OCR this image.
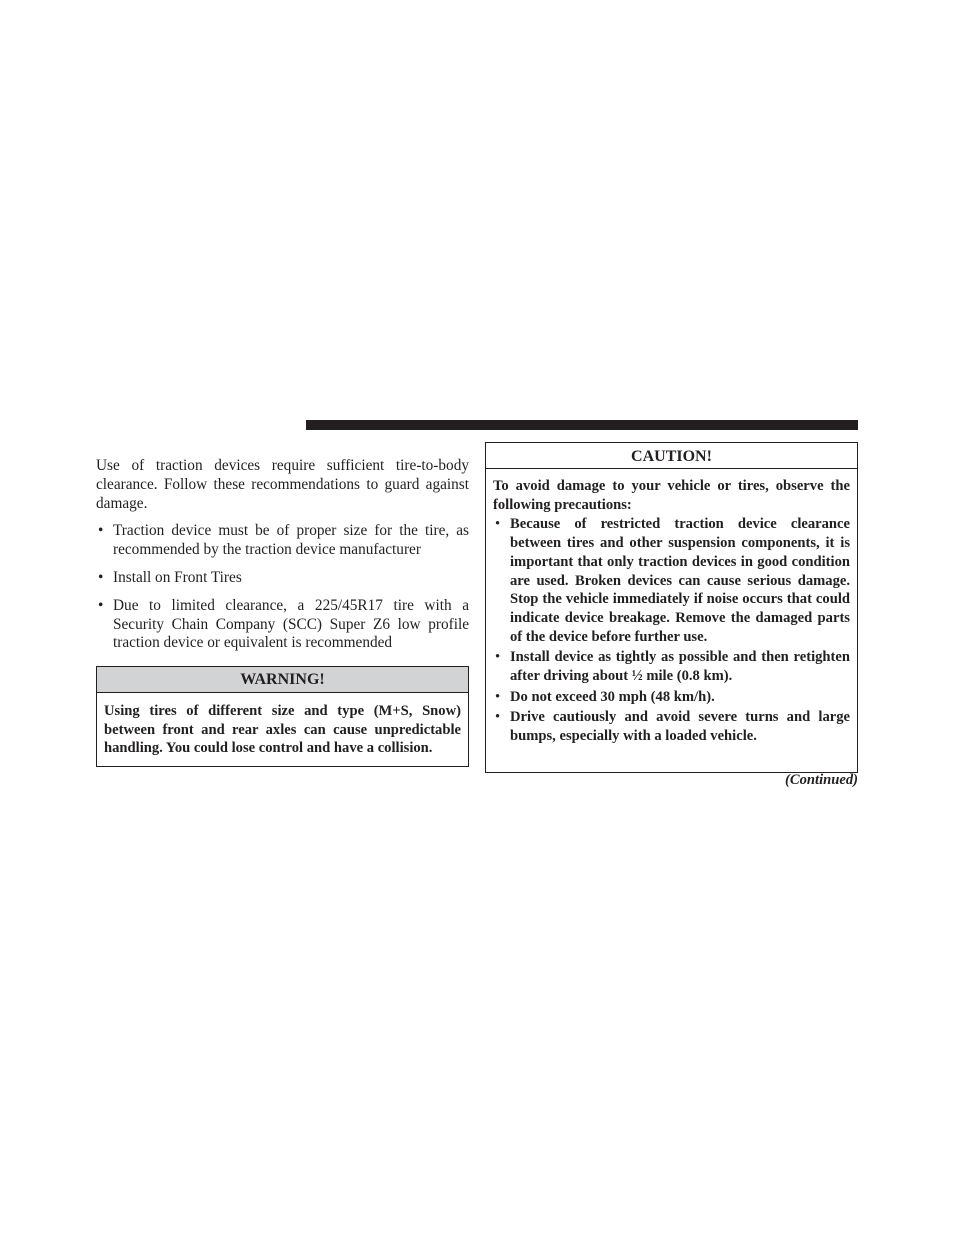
Use of traction devices require sufficient tire-to-body clearance. Follow these recommendations to guard against damage.

• Traction device must be of proper size for the tire, as recommended by the traction device manufacturer
• Install on Front Tires
• Due to limited clearance, a 225/45R17 tire with a Security Chain Company (SCC) Super Z6 low profile traction device or equivalent is recommended
WARNING!
Using tires of different size and type (M+S, Snow) between front and rear axles can cause unpredictable handling. You could lose control and have a collision.
CAUTION!

To avoid damage to your vehicle or tires, observe the following precautions:

• Because of restricted traction device clearance between tires and other suspension components, it is important that only traction devices in good condition are used. Broken devices can cause serious damage. Stop the vehicle immediately if noise occurs that could indicate device breakage. Remove the damaged parts of the device before further use.
• Install device as tightly as possible and then retighten after driving about ½ mile (0.8 km).
• Do not exceed 30 mph (48 km/h).
• Drive cautiously and avoid severe turns and large bumps, especially with a loaded vehicle.
(Continued)
